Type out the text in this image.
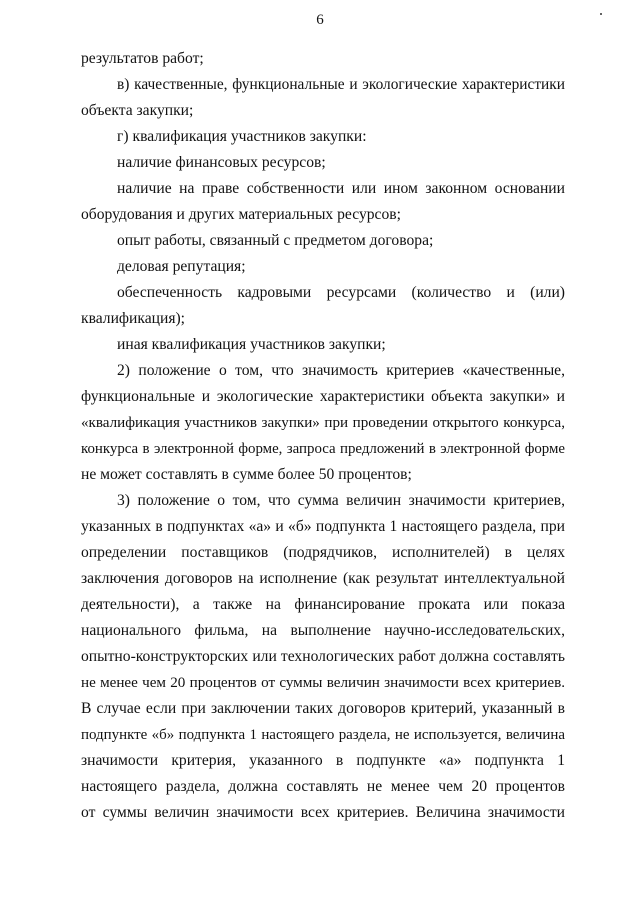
6
результатов работ;
в) качественные, функциональные и экологические характеристики
объекта закупки;
г) квалификация участников закупки:
наличие финансовых ресурсов;
наличие на праве собственности или ином законном основании
оборудования и других материальных ресурсов;
опыт работы, связанный с предметом договора;
деловая репутация;
обеспеченность кадровыми ресурсами (количество и (или)
квалификация);
иная квалификация участников закупки;
2) положение о том, что значимость критериев «качественные,
функциональные и экологические характеристики объекта закупки» и
«квалификация участников закупки» при проведении открытого конкурса,
конкурса в электронной форме, запроса предложений в электронной форме
не может составлять в сумме более 50 процентов;
3) положение о том, что сумма величин значимости критериев,
указанных в подпунктах «а» и «б» подпункта 1 настоящего раздела, при
определении поставщиков (подрядчиков, исполнителей) в целях
заключения договоров на исполнение (как результат интеллектуальной
деятельности), а также на финансирование проката или показа
национального фильма, на выполнение научно-исследовательских,
опытно-конструкторских или технологических работ должна составлять
не менее чем 20 процентов от суммы величин значимости всех критериев.
В случае если при заключении таких договоров критерий, указанный в
подпункте «б» подпункта 1 настоящего раздела, не используется, величина
значимости критерия, указанного в подпункте «а» подпункта 1
настоящего раздела, должна составлять не менее чем 20 процентов
от суммы величин значимости всех критериев. Величина значимости
